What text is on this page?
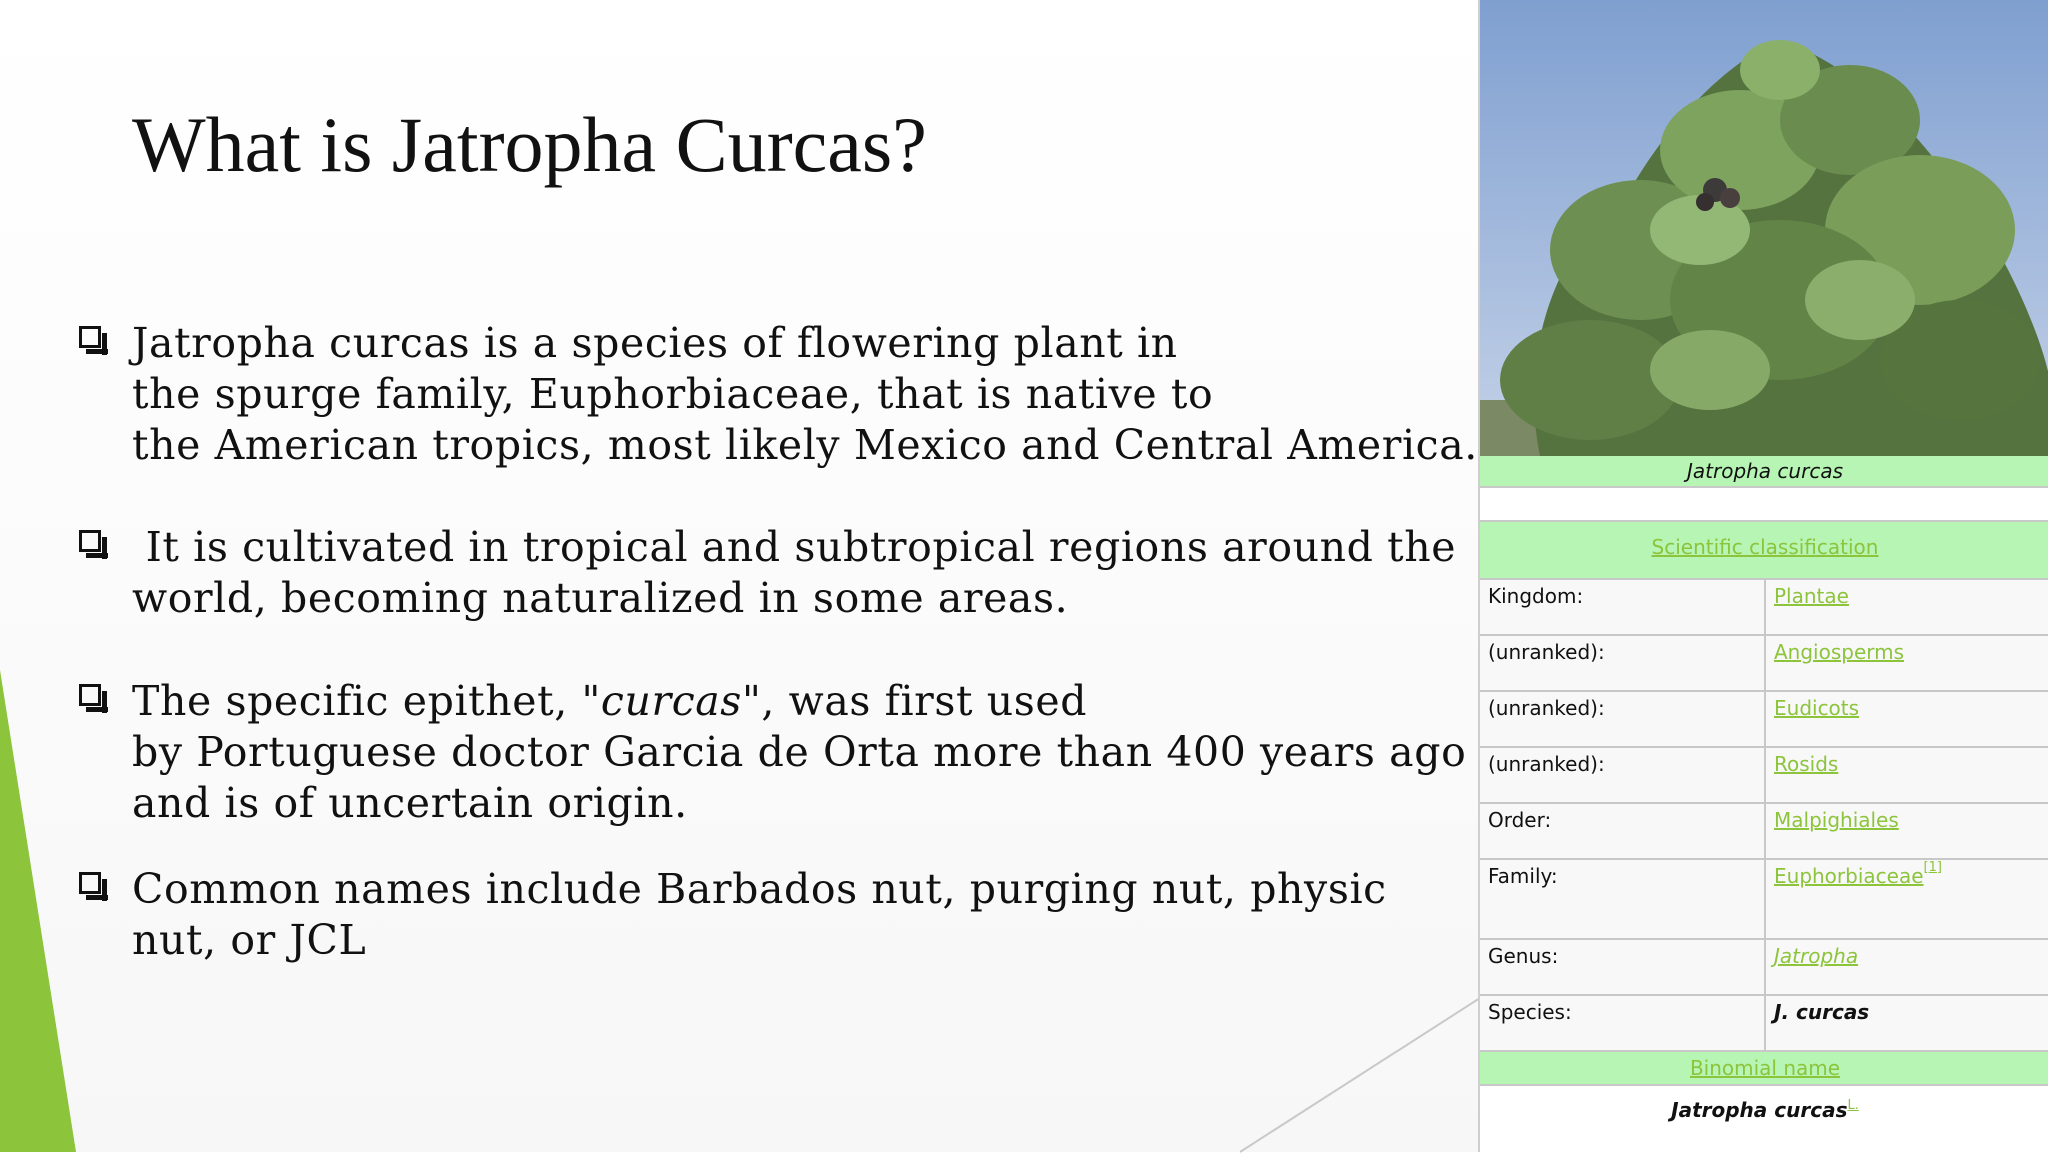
What is Jatropha Curcas?
Jatropha curcas is a species of flowering plant in
the spurge family, Euphorbiaceae, that is native to
the American tropics, most likely Mexico and Central America.
It is cultivated in tropical and subtropical regions around the
world, becoming naturalized in some areas.
The specific epithet, "curcas", was first used
by Portuguese doctor Garcia de Orta more than 400 years ago
and is of uncertain origin.
Common names include Barbados nut, purging nut, physic
nut, or JCL
Jatropha curcas
Scientific classification
Kingdom:	Plantae
(unranked):	Angiosperms
(unranked):	Eudicots
(unranked):	Rosids
Order:	Malpighiales
Family:	Euphorbiaceae[1]
Genus:	Jatropha
Species:	J. curcas
Binomial name
Jatropha curcas$^{L.}$
